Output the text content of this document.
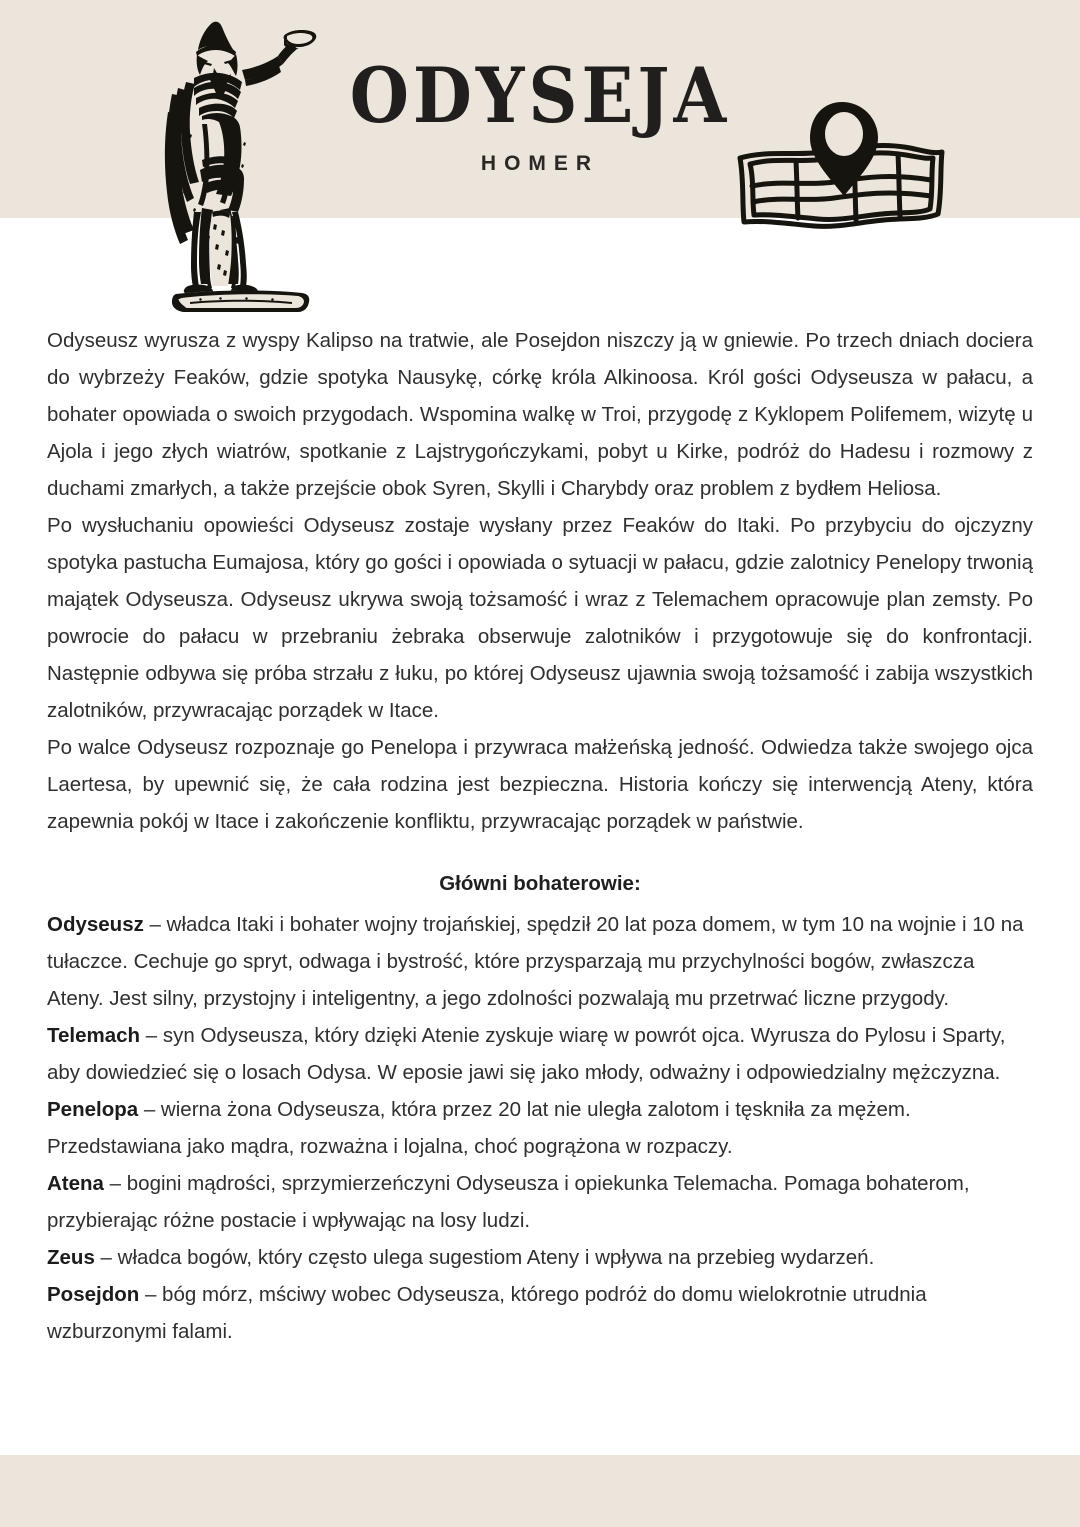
ODYSEJA
HOMER

Odyseusz wyrusza z wyspy Kalipso na tratwie, ale Posejdon niszczy ją w gniewie. Po trzech dniach dociera do wybrzeży Feaków, gdzie spotyka Nausykę, córkę króla Alkinoosa. Król gości Odyseusza w pałacu, a bohater opowiada o swoich przygodach. Wspomina walkę w Troi, przygodę z Kyklopem Polifemem, wizytę u Ajola i jego złych wiatrów, spotkanie z Lajstrygończykami, pobyt u Kirke, podróż do Hadesu i rozmowy z duchami zmarłych, a także przejście obok Syren, Skylli i Charybdy oraz problem z bydłem Heliosa.

Po wysłuchaniu opowieści Odyseusz zostaje wysłany przez Feaków do Itaki. Po przybyciu do ojczyzny spotyka pastucha Eumajosa, który go gości i opowiada o sytuacji w pałacu, gdzie zalotnicy Penelopy trwonią majątek Odyseusza. Odyseusz ukrywa swoją tożsamość i wraz z Telemachem opracowuje plan zemsty. Po powrocie do pałacu w przebraniu żebraka obserwuje zalotników i przygotowuje się do konfrontacji. Następnie odbywa się próba strzału z łuku, po której Odyseusz ujawnia swoją tożsamość i zabija wszystkich zalotników, przywracając porządek w Itace.

Po walce Odyseusz rozpoznaje go Penelopa i przywraca małżeńską jedność. Odwiedza także swojego ojca Laertesa, by upewnić się, że cała rodzina jest bezpieczna. Historia kończy się interwencją Ateny, która zapewnia pokój w Itace i zakończenie konfliktu, przywracając porządek w państwie.

Główni bohaterowie:

Odyseusz – władca Itaki i bohater wojny trojańskiej, spędził 20 lat poza domem, w tym 10 na wojnie i 10 na tułaczce. Cechuje go spryt, odwaga i bystrość, które przysparzają mu przychylności bogów, zwłaszcza Ateny. Jest silny, przystojny i inteligentny, a jego zdolności pozwalają mu przetrwać liczne przygody.

Telemach – syn Odyseusza, który dzięki Atenie zyskuje wiarę w powrót ojca. Wyrusza do Pylosu i Sparty, aby dowiedzieć się o losach Odysa. W eposie jawi się jako młody, odważny i odpowiedzialny mężczyzna.

Penelopa – wierna żona Odyseusza, która przez 20 lat nie uległa zalotom i tęskniła za mężem. Przedstawiana jako mądra, rozważna i lojalna, choć pogrążona w rozpaczy.

Atena – bogini mądrości, sprzymierzeńczyni Odyseusza i opiekunka Telemacha. Pomaga bohaterom, przybierając różne postacie i wpływając na losy ludzi.

Zeus – władca bogów, który często ulega sugestiom Ateny i wpływa na przebieg wydarzeń.

Posejdon – bóg mórz, mściwy wobec Odyseusza, którego podróż do domu wielokrotnie utrudnia wzburzonymi falami.
